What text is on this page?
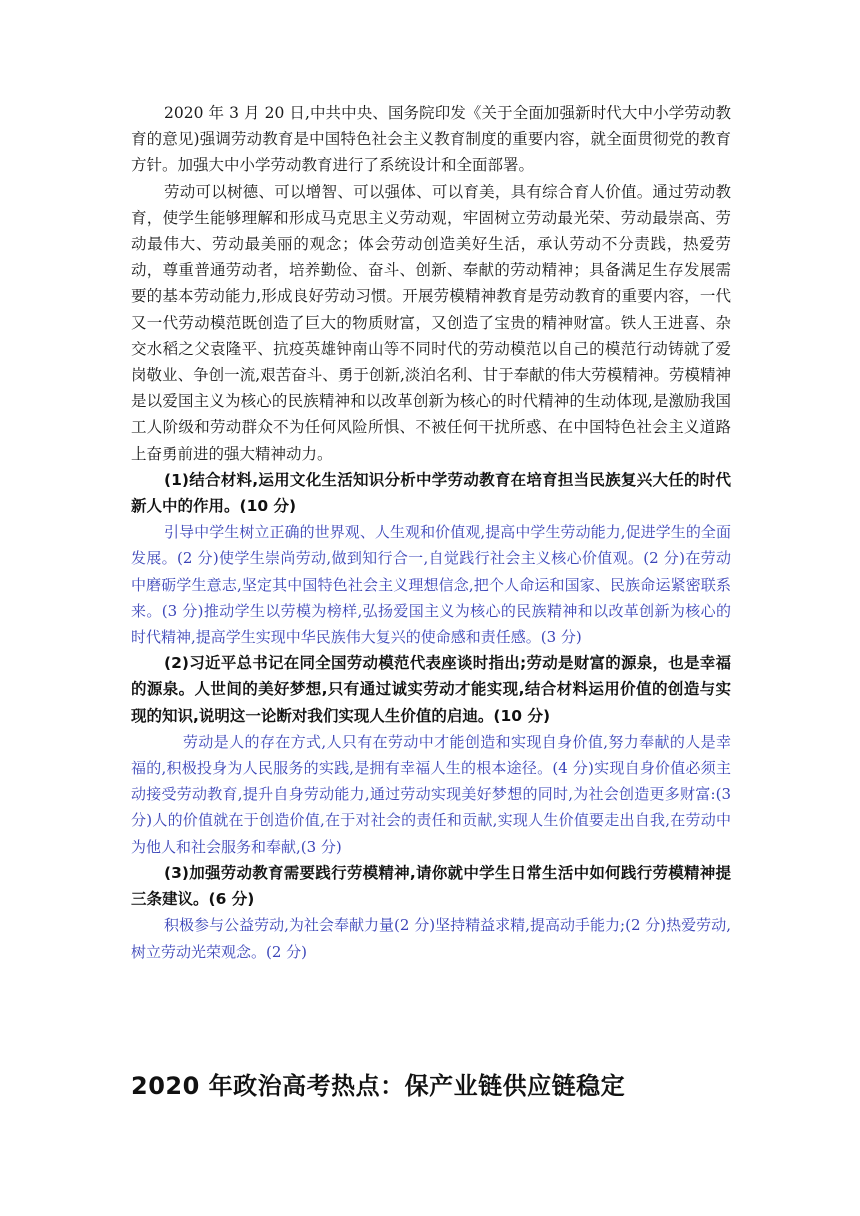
2020 年 3 月 20 日,中共中央、国务院印发《关于全面加强新时代大中小学劳动教育的意见)强调劳动教育是中国特色社会主义教育制度的重要内容，就全面贯彻党的教育方针。加强大中小学劳动教育进行了系统设计和全面部署。

劳动可以树德、可以增智、可以强体、可以育美，具有综合育人价值。通过劳动教育，使学生能够理解和形成马克思主义劳动观，牢固树立劳动最光荣、劳动最崇高、劳动最伟大、劳动最美丽的观念；体会劳动创造美好生活，承认劳动不分责践，热爱劳动，尊重普通劳动者，培养勤俭、奋斗、创新、奉献的劳动精神；具备满足生存发展需要的基本劳动能力,形成良好劳动习惯。开展劳模精神教育是劳动教育的重要内容，一代又一代劳动模范既创造了巨大的物质财富，又创造了宝贵的精神财富。铁人王进喜、杂交水稻之父袁隆平、抗疫英雄钟南山等不同时代的劳动模范以自己的模范行动铸就了爱岗敬业、争创一流,艰苦奋斗、勇于创新,淡泊名利、甘于奉献的伟大劳模精神。劳模精神是以爱国主义为核心的民族精神和以改革创新为核心的时代精神的生动体现,是激励我国工人阶级和劳动群众不为任何风险所惧、不被任何干扰所惑、在中国特色社会主义道路上奋勇前进的强大精神动力。

(1)结合材料,运用文化生活知识分析中学劳动教育在培育担当民族复兴大任的时代新人中的作用。(10 分)

引导中学生树立正确的世界观、人生观和价值观,提高中学生劳动能力,促进学生的全面发展。(2 分)使学生崇尚劳动,做到知行合一,自觉践行社会主义核心价值观。(2 分)在劳动中磨砺学生意志,坚定其中国特色社会主义理想信念,把个人命运和国家、民族命运紧密联系来。(3 分)推动学生以劳模为榜样,弘扬爱国主义为核心的民族精神和以改革创新为核心的时代精神,提高学生实现中华民族伟大复兴的使命感和责任感。(3 分)

(2)习近平总书记在同全国劳动模范代表座谈时指出;劳动是财富的源泉，也是幸福的源泉。人世间的美好梦想,只有通过诚实劳动才能实现,结合材料运用价值的创造与实现的知识,说明这一论断对我们实现人生价值的启迪。(10 分)

劳动是人的存在方式,人只有在劳动中才能创造和实现自身价值,努力奉献的人是幸福的,积极投身为人民服务的实践,是拥有幸福人生的根本途径。(4 分)实现自身价值必须主动接受劳动教育,提升自身劳动能力,通过劳动实现美好梦想的同时,为社会创造更多财富:(3 分)人的价值就在于创造价值,在于对社会的责任和贡献,实现人生价值要走出自我,在劳动中为他人和社会服务和奉献,(3 分)

(3)加强劳动教育需要践行劳模精神,请你就中学生日常生活中如何践行劳模精神提三条建议。(6 分)

积极参与公益劳动,为社会奉献力量(2 分)坚持精益求精,提高动手能力;(2 分)热爱劳动,树立劳动光荣观念。(2 分)

2020 年政治高考热点：保产业链供应链稳定
